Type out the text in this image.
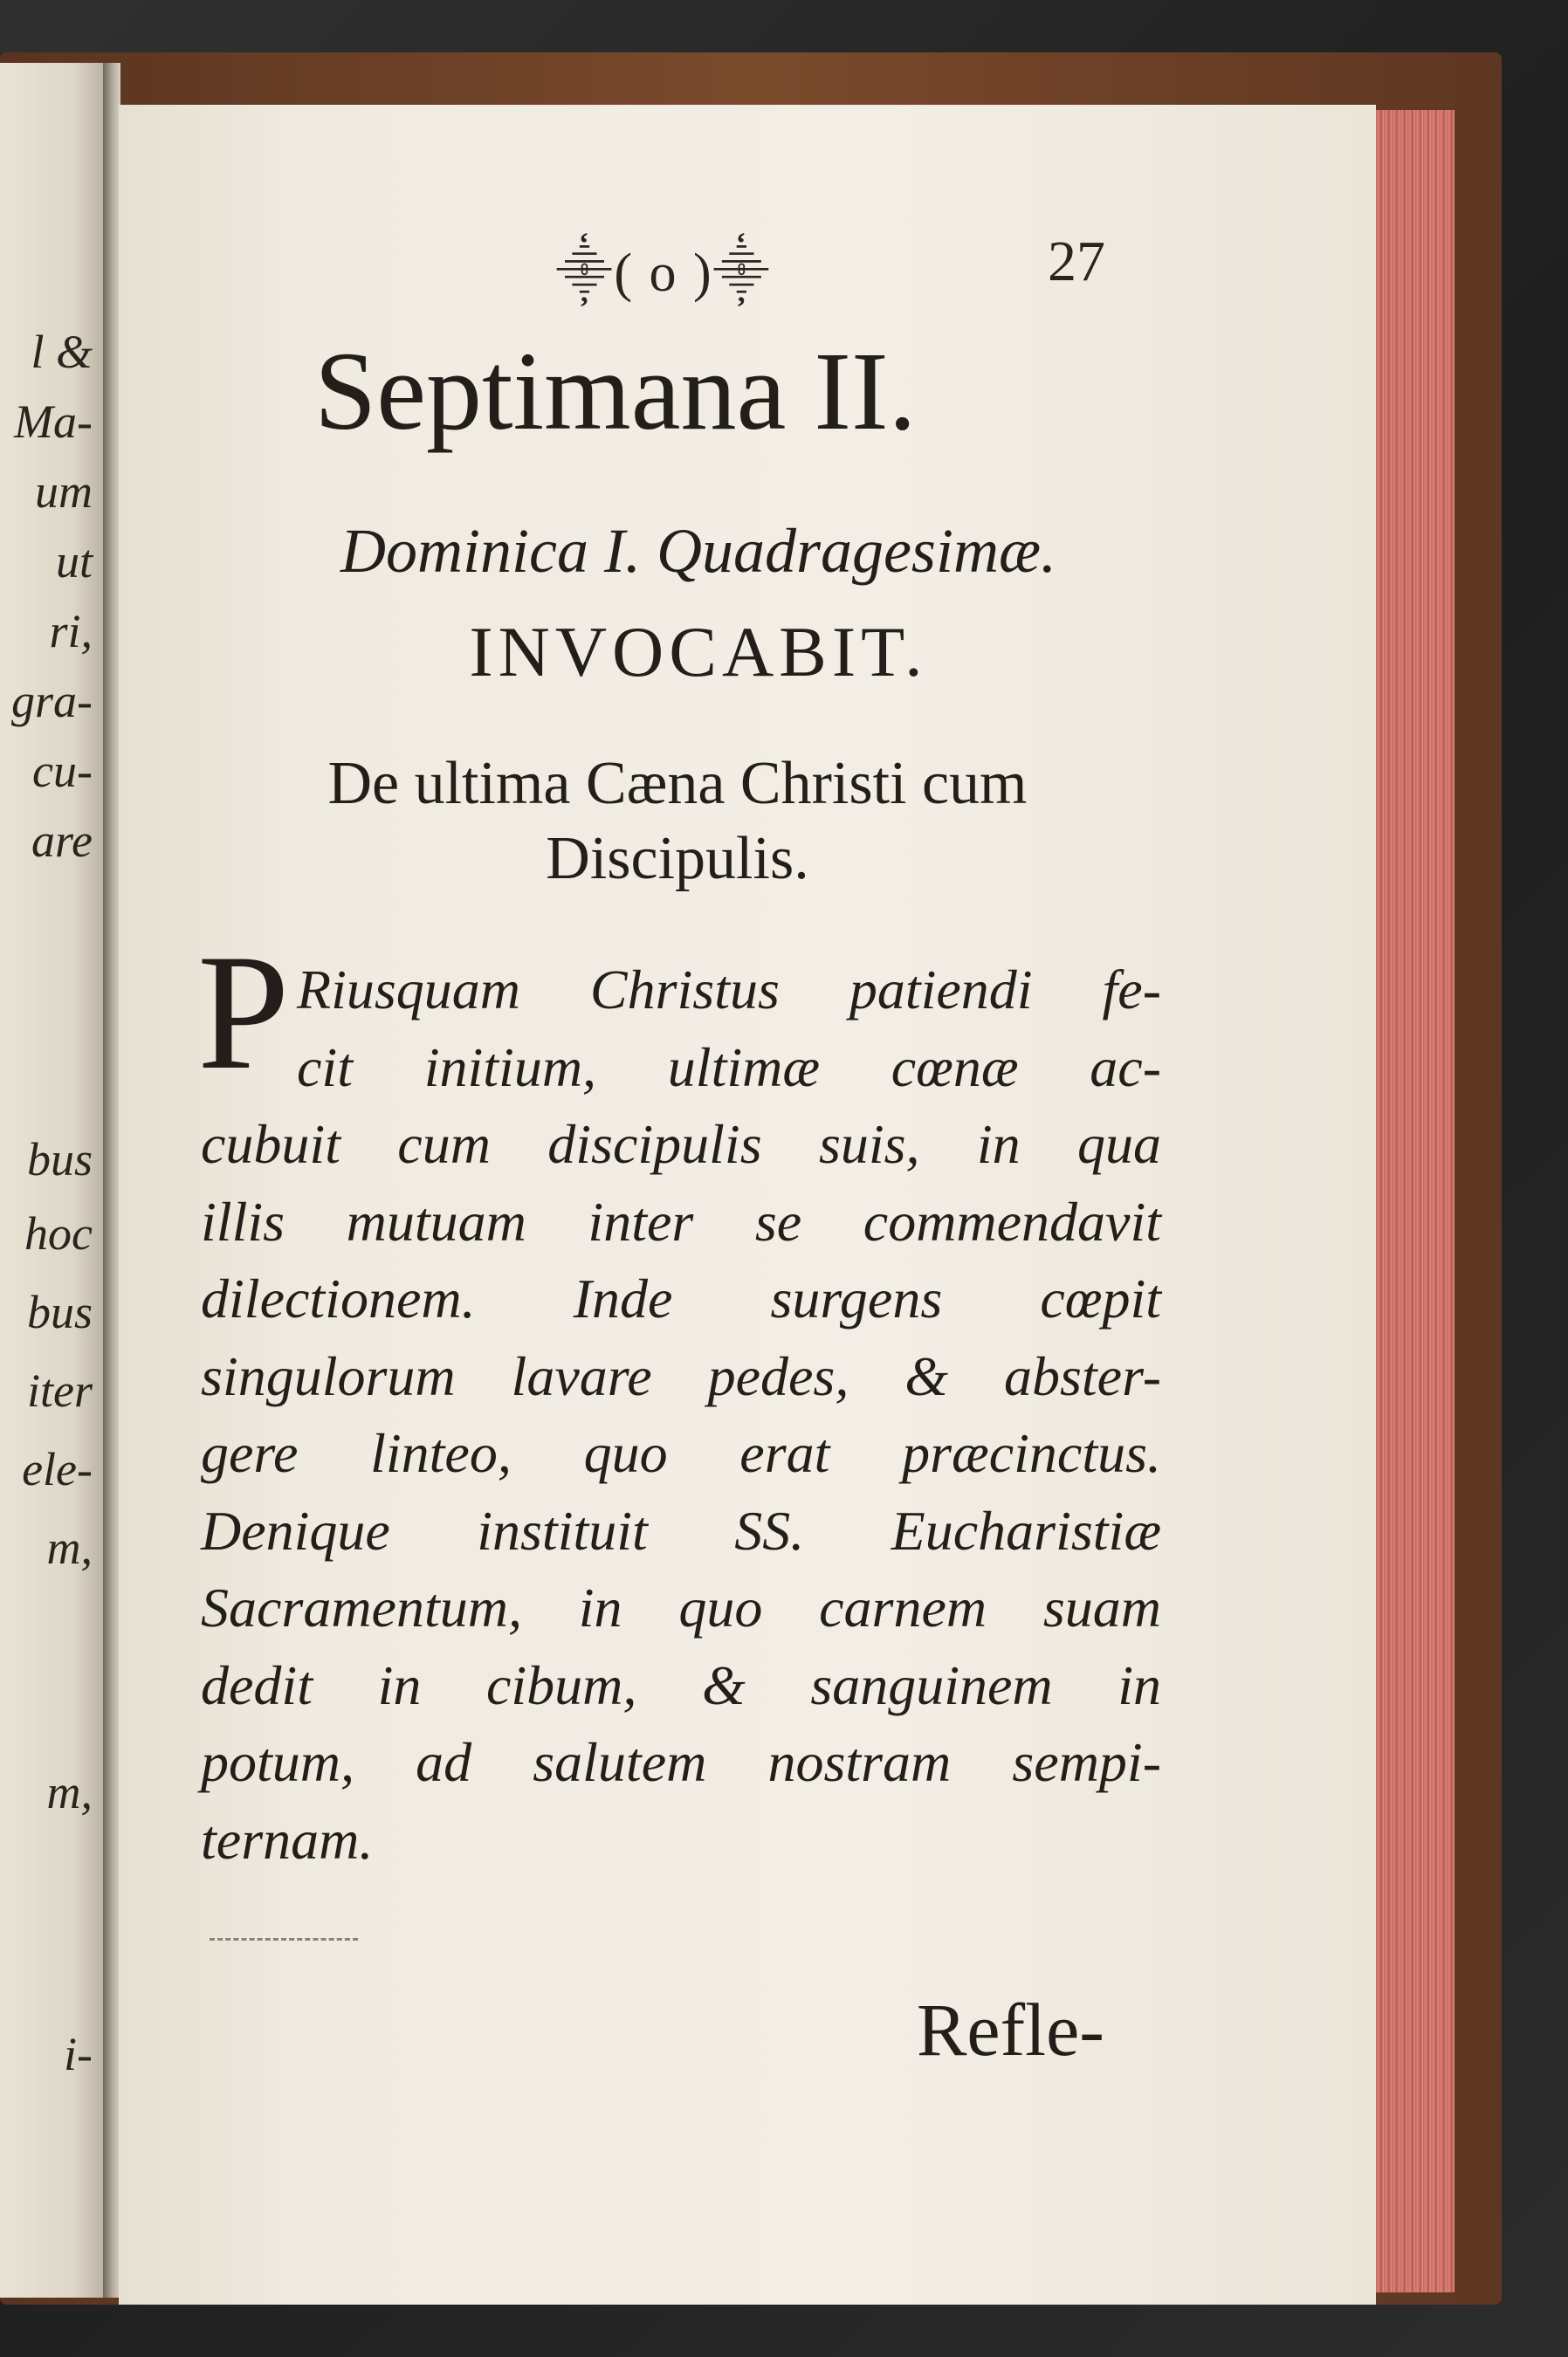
l &
Ma-
um
ut
ri,
gra-
cu-
are
bus
hoc
bus
iter
ele-
m,
m,
i-
⸎( o )⸎	27
Septimana II.
Dominica I. Quadragesimæ.
INVOCABIT.
De ultima Cæna Christi cum
Discipulis.
P Riusquam Christus patiendi fe-
cit initium, ultimæ cœnæ ac-
cubuit cum discipulis suis, in qua
illis mutuam inter se commendavit
dilectionem. Inde surgens cœpit
singulorum lavare pedes, & abster-
gere linteo, quo erat præcinctus.
Denique instituit SS. Eucharistiæ
Sacramentum, in quo carnem suam
dedit in cibum, & sanguinem in
potum, ad salutem nostram sempi-
ternam.
Refle-
